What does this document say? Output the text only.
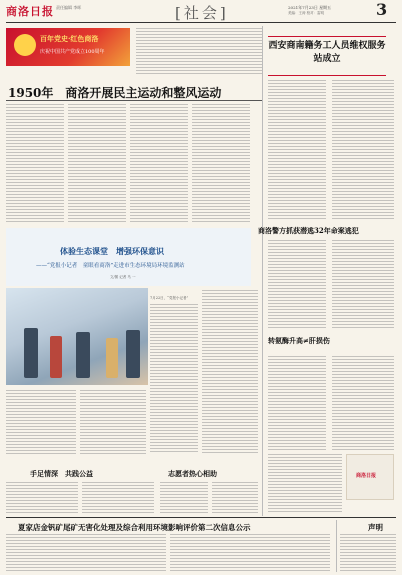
商洛日报 责任编辑 李晖	[社会]	2021年7月23日 星期五
美编：王涛 校对：雷明	3
百年党史·红色商洛
庆祝中国共产党成立100周年
1950年　商洛开展民主运动和整风运动
西安商南籍务工人员维权服务站成立
商洛警方抓获潜逃32年命案逃犯
体验生态课堂　增强环保意识
——“党报小记者　童眼看商洛”走进市生态环境局环境监测站
文/图 记者 马 一
7月22日，“党报小记者”
转氨酶升高≠肝损伤
商洛日报
手足情深　共践公益	志愿者热心相助
夏家店金钒矿尾矿无害化处理及综合利用环境影响评价第二次信息公示	声明
